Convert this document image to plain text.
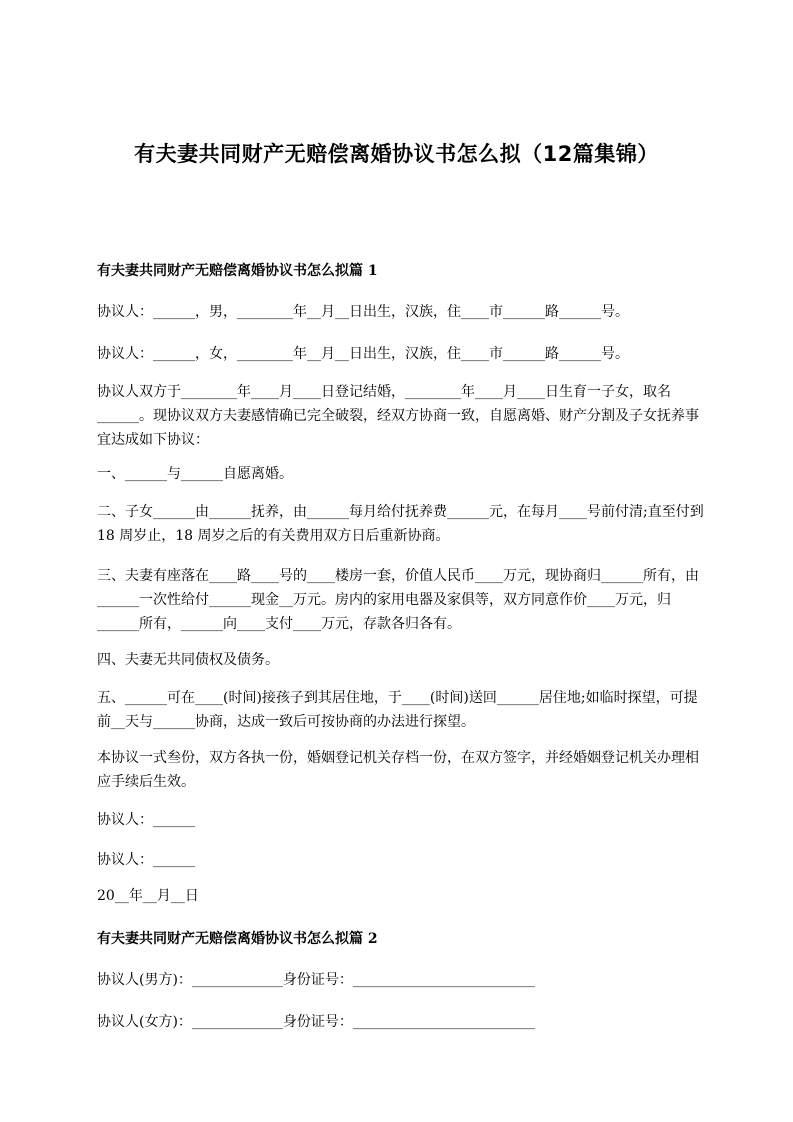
有夫妻共同财产无赔偿离婚协议书怎么拟（12篇集锦）
有夫妻共同财产无赔偿离婚协议书怎么拟篇 1

协议人：______，男，________年__月__日出生，汉族，住____市______路______号。

协议人：______，女，________年__月__日出生，汉族，住____市______路______号。

协议人双方于________年____月____日登记结婚，________年____月____日生育一子女，取名______。现协议双方夫妻感情确已完全破裂，经双方协商一致，自愿离婚、财产分割及子女抚养事宜达成如下协议：

一、______与______自愿离婚。

二、子女______由______抚养，由______每月给付抚养费______元，在每月____号前付清;直至付到 18 周岁止，18 周岁之后的有关费用双方日后重新协商。

三、夫妻有座落在____路____号的____楼房一套，价值人民币____万元，现协商归______所有，由______一次性给付______现金__万元。房内的家用电器及家俱等，双方同意作价____万元，归______所有，______向____支付____万元，存款各归各有。

四、夫妻无共同债权及债务。

五、______可在____(时间)接孩子到其居住地，于____(时间)送回______居住地;如临时探望，可提前__天与______协商，达成一致后可按协商的办法进行探望。

本协议一式叁份，双方各执一份，婚姻登记机关存档一份，在双方签字，并经婚姻登记机关办理相应手续后生效。

协议人：______

协议人：______

20__年__月__日

有夫妻共同财产无赔偿离婚协议书怎么拟篇 2

协议人(男方)：_____________身份证号：__________________________

协议人(女方)：_____________身份证号：__________________________
